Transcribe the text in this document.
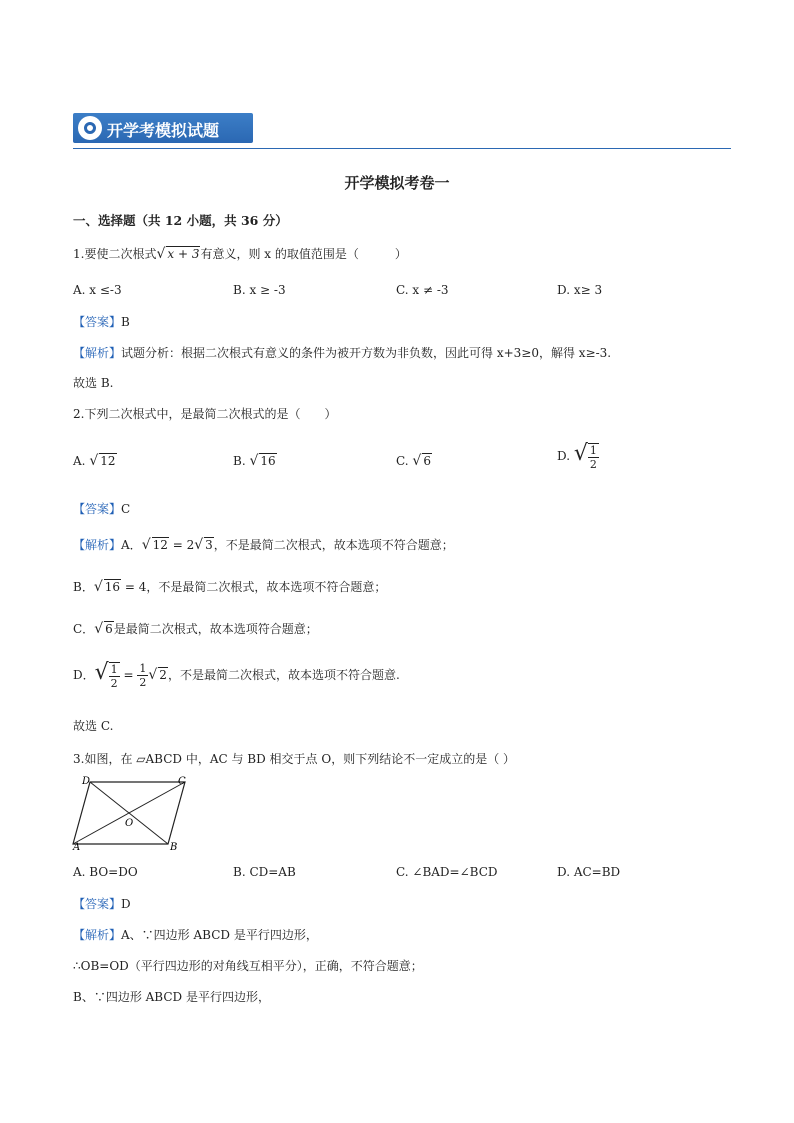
开学考模拟试题
开学模拟考卷一
一、选择题（共 12 小题，共 36 分）
1.要使二次根式√ x + 3有意义，则 x 的取值范围是（　　　）
A. x ≤-3	B. x ≥ -3	C. x ≠ -3	D. x≥ 3
【答案】B
【解析】试题分析：根据二次根式有意义的条件为被开方数为非负数，因此可得 x+3≥0，解得 x≥-3.
故选 B.
2.下列二次根式中，是最简二次根式的是（　　）
A. √ 12	B. √ 16	C. √ 6	D. √ $\frac{1}{2}$
【答案】C
【解析】A．√ 12 = 2√ 3，不是最简二次根式，故本选项不符合题意；
B．√ 16 = 4，不是最简二次根式，故本选项不符合题意；
C．√ 6是最简二次根式，故本选项符合题意；
D．√ $\frac{1}{2} = \frac{1}{2}$ √ 2，不是最简二次根式，故本选项不符合题意.
故选 C.
3.如图，在 ▱ABCD 中，AC 与 BD 相交于点 O，则下列结论不一定成立的是（ ）
D	C
A	B
O
A. BO=DO	B. CD=AB	C. ∠BAD=∠BCD	D. AC=BD
【答案】D
【解析】A、∵四边形 ABCD 是平行四边形，
∴OB=OD（平行四边形的对角线互相平分），正确，不符合题意；
B、∵四边形 ABCD 是平行四边形，
